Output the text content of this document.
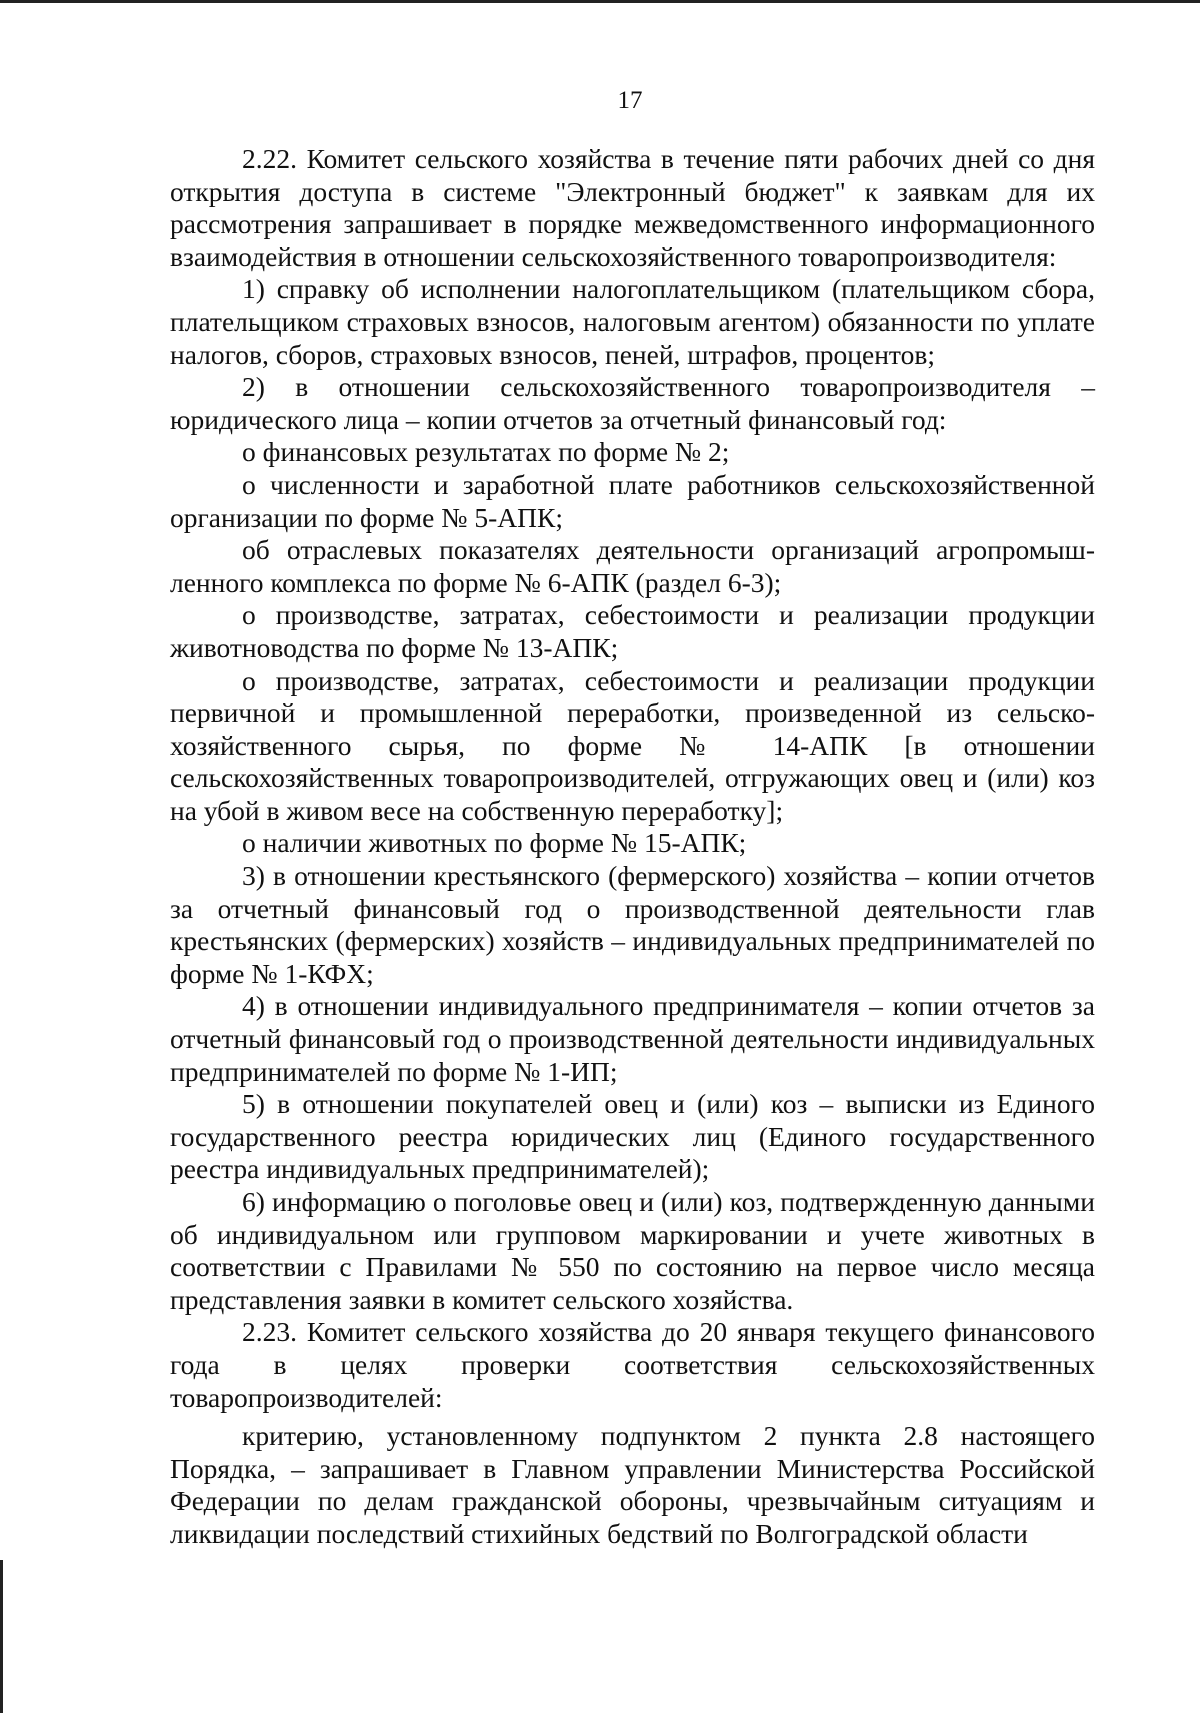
17

2.22. Комитет сельского хозяйства в течение пяти рабочих дней со дня открытия доступа в системе "Электронный бюджет" к заявкам для их рассмотрения запрашивает в порядке межведомственного информационного взаимодействия в отношении сельскохозяйственного товаропроизводителя:

1) справку об исполнении налогоплательщиком (плательщиком сбора, плательщиком страховых взносов, налоговым агентом) обязанности по уплате налогов, сборов, страховых взносов, пеней, штрафов, процентов;

2) в отношении сельскохозяйственного товаропроизводителя – юридического лица – копии отчетов за отчетный финансовый год:

о финансовых результатах по форме № 2;

о численности и заработной плате работников сельскохозяйственной организации по форме № 5-АПК;

об отраслевых показателях деятельности организаций агропромышленного комплекса по форме № 6-АПК (раздел 6-3);

о производстве, затратах, себестоимости и реализации продукции животноводства по форме № 13-АПК;

о производстве, затратах, себестоимости и реализации продукции первичной и промышленной переработки, произведенной из сельскохозяйственного сырья, по форме № 14-АПК [в отношении сельскохозяйственных товаропроизводителей, отгружающих овец и (или) коз на убой в живом весе на собственную переработку];

о наличии животных по форме № 15-АПК;

3) в отношении крестьянского (фермерского) хозяйства – копии отчетов за отчетный финансовый год о производственной деятельности глав крестьянских (фермерских) хозяйств – индивидуальных предпринимателей по форме № 1-КФХ;

4) в отношении индивидуального предпринимателя – копии отчетов за отчетный финансовый год о производственной деятельности индивидуальных предпринимателей по форме № 1-ИП;

5) в отношении покупателей овец и (или) коз – выписки из Единого государственного реестра юридических лиц (Единого государственного реестра индивидуальных предпринимателей);

6) информацию о поголовье овец и (или) коз, подтвержденную данными об индивидуальном или групповом маркировании и учете животных в соответствии с Правилами № 550 по состоянию на первое число месяца представления заявки в комитет сельского хозяйства.

2.23. Комитет сельского хозяйства до 20 января текущего финансового года в целях проверки соответствия сельскохозяйственных товаропроизводителей:

критерию, установленному подпунктом 2 пункта 2.8 настоящего Порядка, – запрашивает в Главном управлении Министерства Российской Федерации по делам гражданской обороны, чрезвычайным ситуациям и ликвидации последствий стихийных бедствий по Волгоградской области
